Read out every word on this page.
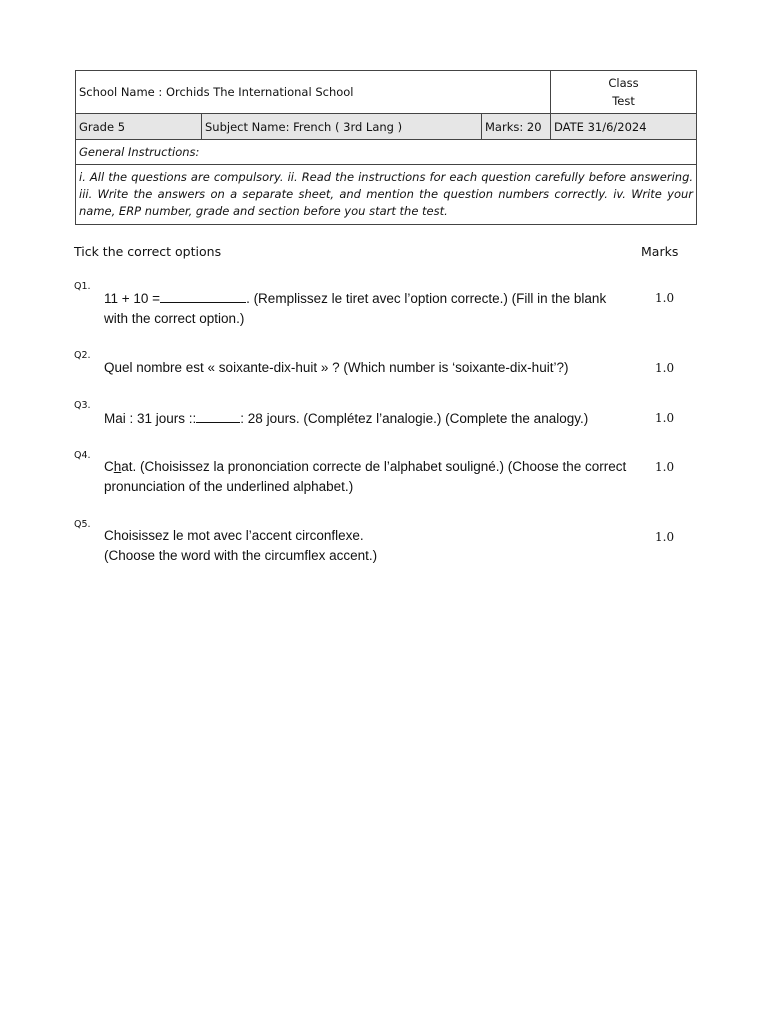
School Name : Orchids The International School			Class
Test

Grade 5	Subject Name: French ( 3rd Lang )	Marks: 20	DATE 31/6/2024
General Instructions:			
i. All the questions are compulsory. ii. Read the instructions for each question carefully before answering. iii. Write the answers on a separate sheet, and mention the question numbers correctly. iv. Write your name, ERP number, grade and section before you start the test.			
Tick the correct options	Marks
Q1.
11 + 10 =	. (Remplissez le tiret avec l’option correcte.) (Fill in the blank with the correct option.)
1.0
Q2.
Quel nombre est « soixante-dix-huit » ? (Which number is ‘soixante-dix-huit’?)	1.0
Q3.
Mai : 31 jours ::	: 28 jours. (Complétez l’analogie.) (Complete the analogy.)	1.0
Q4.
Chat. (Choisissez la prononciation correcte de l’alphabet souligné.) (Choose the correct pronunciation of the underlined alphabet.)
1.0
Q5.
Choisissez le mot avec l’accent circonflexe.
(Choose the word with the circumflex accent.)
1.0
